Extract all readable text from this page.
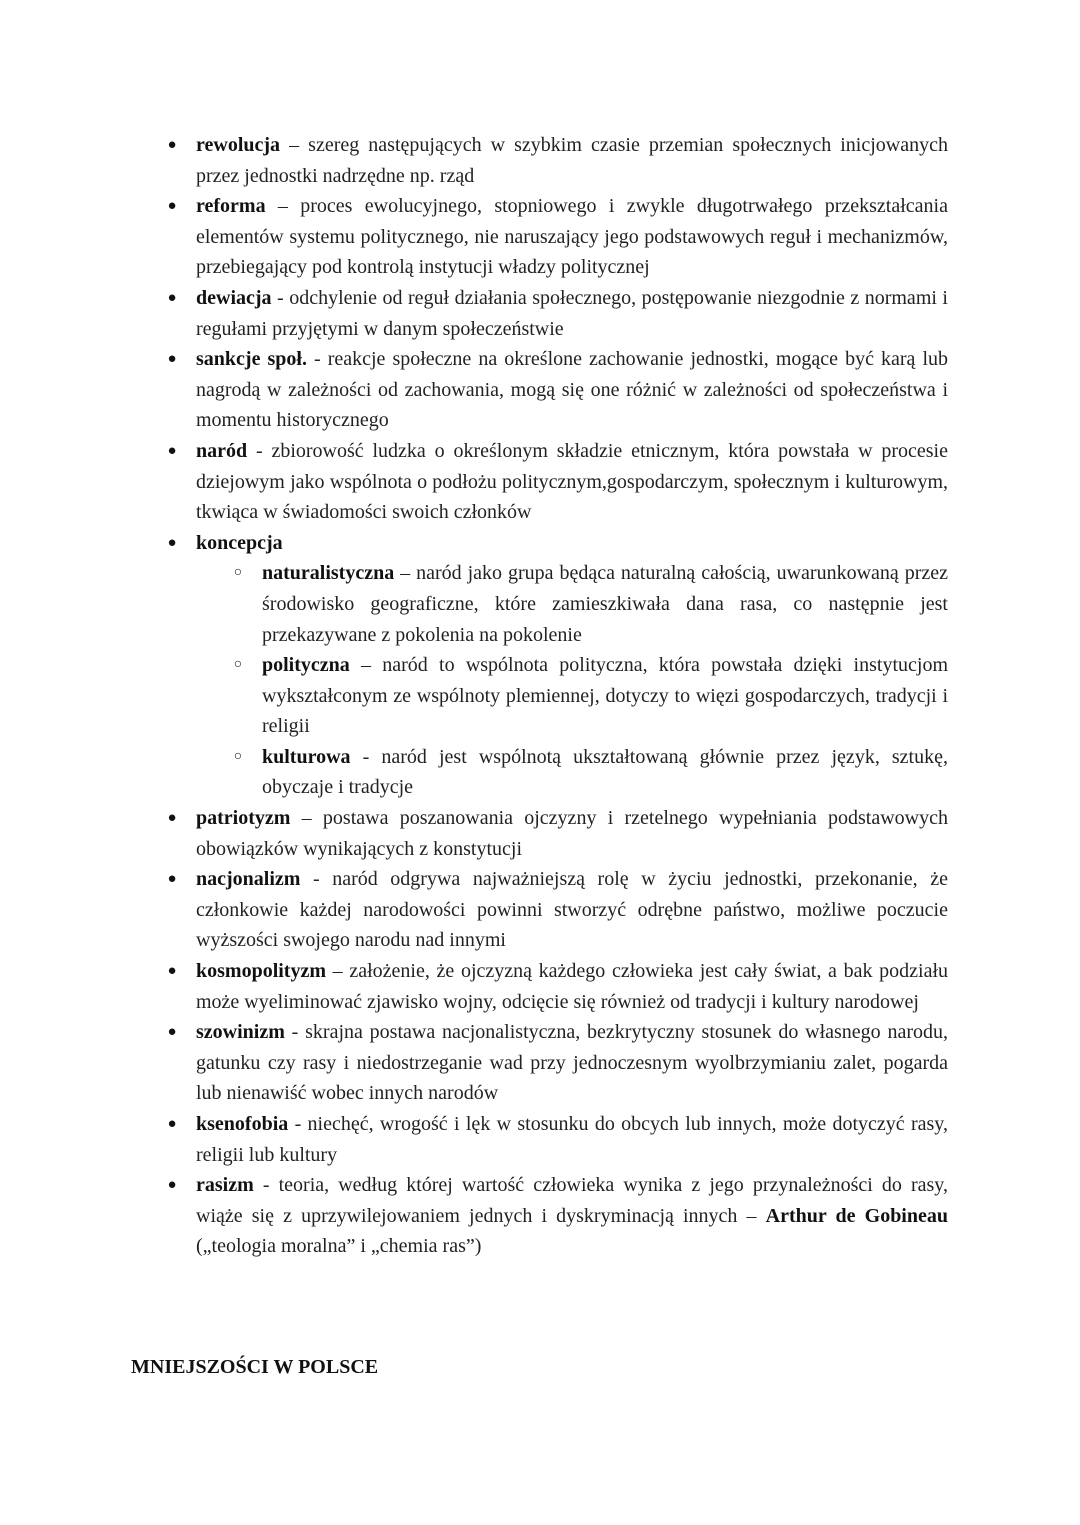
● rewolucja – szereg następujących w szybkim czasie przemian społecznych inicjowanych przez jednostki nadrzędne np. rząd
● reforma – proces ewolucyjnego, stopniowego i zwykle długotrwałego przekształcania elementów systemu politycznego, nie naruszający jego podstawowych reguł i mechanizmów, przebiegający pod kontrolą instytucji władzy politycznej
● dewiacja - odchylenie od reguł działania społecznego, postępowanie niezgodnie z normami i regułami przyjętymi w danym społeczeństwie
● sankcje społ. - reakcje społeczne na określone zachowanie jednostki, mogące być karą lub nagrodą w zależności od zachowania, mogą się one różnić w zależności od społeczeństwa i momentu historycznego
● naród - zbiorowość ludzka o określonym składzie etnicznym, która powstała w procesie dziejowym jako wspólnota o podłożu politycznym,gospodarczym, społecznym i kulturowym, tkwiąca w świadomości swoich członków
● koncepcja
○ naturalistyczna – naród jako grupa będąca naturalną całością, uwarunkowaną przez środowisko geograficzne, które zamieszkiwała dana rasa, co następnie jest przekazywane z pokolenia na pokolenie
○ polityczna – naród to wspólnota polityczna, która powstała dzięki instytucjom wykształconym ze wspólnoty plemiennej, dotyczy to więzi gospodarczych, tradycji i religii
○ kulturowa - naród jest wspólnotą ukształtowaną głównie przez język, sztukę, obyczaje i tradycje
● patriotyzm – postawa poszanowania ojczyzny i rzetelnego wypełniania podstawowych obowiązków wynikających z konstytucji
● nacjonalizm - naród odgrywa najważniejszą rolę w życiu jednostki, przekonanie, że członkowie każdej narodowości powinni stworzyć odrębne państwo, możliwe poczucie wyższości swojego narodu nad innymi
● kosmopolityzm – założenie, że ojczyzną każdego człowieka jest cały świat, a bak podziału może wyeliminować zjawisko wojny, odcięcie się również od tradycji i kultury narodowej
● szowinizm - skrajna postawa nacjonalistyczna, bezkrytyczny stosunek do własnego narodu, gatunku czy rasy i niedostrzeganie wad przy jednoczesnym wyolbrzymianiu zalet, pogarda lub nienawiść wobec innych narodów
● ksenofobia - niechęć, wrogość i lęk w stosunku do obcych lub innych, może dotyczyć rasy, religii lub kultury
● rasizm - teoria, według której wartość człowieka wynika z jego przynależności do rasy, wiąże się z uprzywilejowaniem jednych i dyskryminacją innych – Arthur de Gobineau („teologia moralna” i „chemia ras”)
MNIEJSZOŚCI W POLSCE
